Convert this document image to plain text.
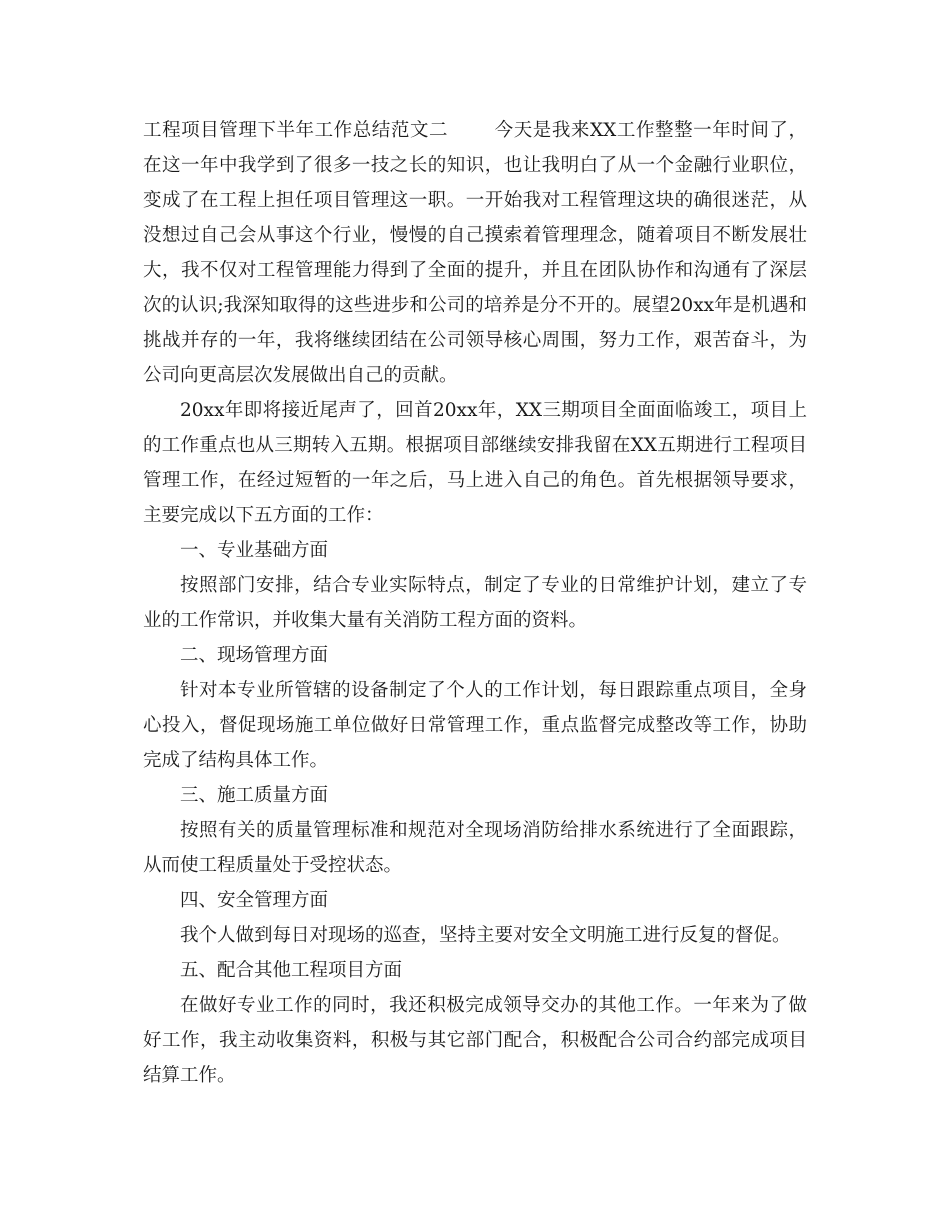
工程项目管理下半年工作总结范文二 今天是我来XX工作整整一年时间了，在这一年中我学到了很多一技之长的知识，也让我明白了从一个金融行业职位，变成了在工程上担任项目管理这一职。一开始我对工程管理这块的确很迷茫，从没想过自己会从事这个行业，慢慢的自己摸索着管理理念，随着项目不断发展壮大，我不仅对工程管理能力得到了全面的提升，并且在团队协作和沟通有了深层次的认识;我深知取得的这些进步和公司的培养是分不开的。展望20xx年是机遇和挑战并存的一年，我将继续团结在公司领导核心周围，努力工作，艰苦奋斗，为公司向更高层次发展做出自己的贡献。

20xx年即将接近尾声了，回首20xx年，XX三期项目全面面临竣工，项目上的工作重点也从三期转入五期。根据项目部继续安排我留在XX五期进行工程项目管理工作，在经过短暂的一年之后，马上进入自己的角色。首先根据领导要求，主要完成以下五方面的工作：

一、专业基础方面

按照部门安排，结合专业实际特点，制定了专业的日常维护计划，建立了专业的工作常识，并收集大量有关消防工程方面的资料。

二、现场管理方面

针对本专业所管辖的设备制定了个人的工作计划，每日跟踪重点项目，全身心投入，督促现场施工单位做好日常管理工作，重点监督完成整改等工作，协助完成了结构具体工作。

三、施工质量方面

按照有关的质量管理标准和规范对全现场消防给排水系统进行了全面跟踪，从而使工程质量处于受控状态。

四、安全管理方面

我个人做到每日对现场的巡查，坚持主要对安全文明施工进行反复的督促。

五、配合其他工程项目方面

在做好专业工作的同时，我还积极完成领导交办的其他工作。一年来为了做好工作，我主动收集资料，积极与其它部门配合，积极配合公司合约部完成项目结算工作。
